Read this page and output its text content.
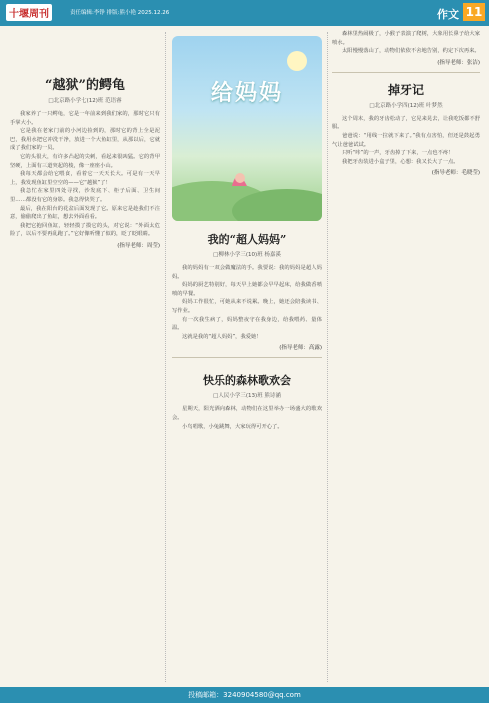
十堰周刊	责任编辑:李铮 排版:熊小艳 2025.12.26	作文 11
“越狱”的鳄龟
□北京路小学七(12)班 范语睿

我家养了一只鳄龟，它是一年前来到我们家的，那时它只有手掌大小。

它是我在老家门前的小河边捡到的，那时它的背上全是泥巴，我用水把它冲洗干净，放进一个大鱼缸里，从那以后，它就成了我们家的一员。

它的头很大，有许多凸起的尖刺，看起来很凶猛。它的背甲坚硬，上面有三道突起的棱，像一座座小山。

我每天都会给它喂食，看着它一天天长大。可是有一天早上，我发现鱼缸里空空的——它“越狱”了！

我急忙在家里四处寻找，沙发底下、柜子后面、卫生间里……都没有它的身影。我急得快哭了。

最后，我在阳台的花盆后面发现了它。原来它是趁我们不注意，偷偷爬出了鱼缸，想去外面看看。

我把它抱回鱼缸，轻轻摸了摸它的头，对它说：“外面太危险了，以后不要再乱跑了。”它好像听懂了似的，眨了眨眼睛。

(指导老师：周莹)
给妈妈
我的“超人妈妈”
□柳林小学三(10)班 杨嘉溪

我的妈妈有一双会做魔法的手。我要说：我的妈妈是超人妈妈。

妈妈的厨艺特别好，每天早上她都会早早起床，给我做香喷喷的早餐。

妈妈工作很忙，可她从来不说累。晚上，她还会陪我读书、写作业。

有一次我生病了，妈妈整夜守在我身边，给我喂药、量体温。

这就是我的“超人妈妈”，我爱她！

(指导老师：高露)
快乐的森林歌欢会
□人民小学三(13)班 熊诗涵

星期天，阳光洒向森林，动物们在这里举办一场盛大的歌欢会。

小鸟唱歌，小兔跳舞，大家玩得可开心了。

森林里热闹极了，小猴子表演了爬树，大象用长鼻子给大家喷水。

太阳慢慢落山了，动物们依依不舍地告别，约定下次再来。

(指导老师：张洁)
掉牙记
□北京路小学四(12)班 叶梦然

这个周末，我的牙齿松动了，它晃来晃去，让我吃饭都不舒服。

爸爸说：“用线一拉就下来了。”我有点害怕，但还是鼓起勇气让爸爸试试。

只听“咔”的一声，牙齿掉了下来，一点也不疼！

我把牙齿装进小盒子里，心想：我又长大了一点。

(指导老师：毛晓莹)
投稿邮箱：3240904580@qq.com
